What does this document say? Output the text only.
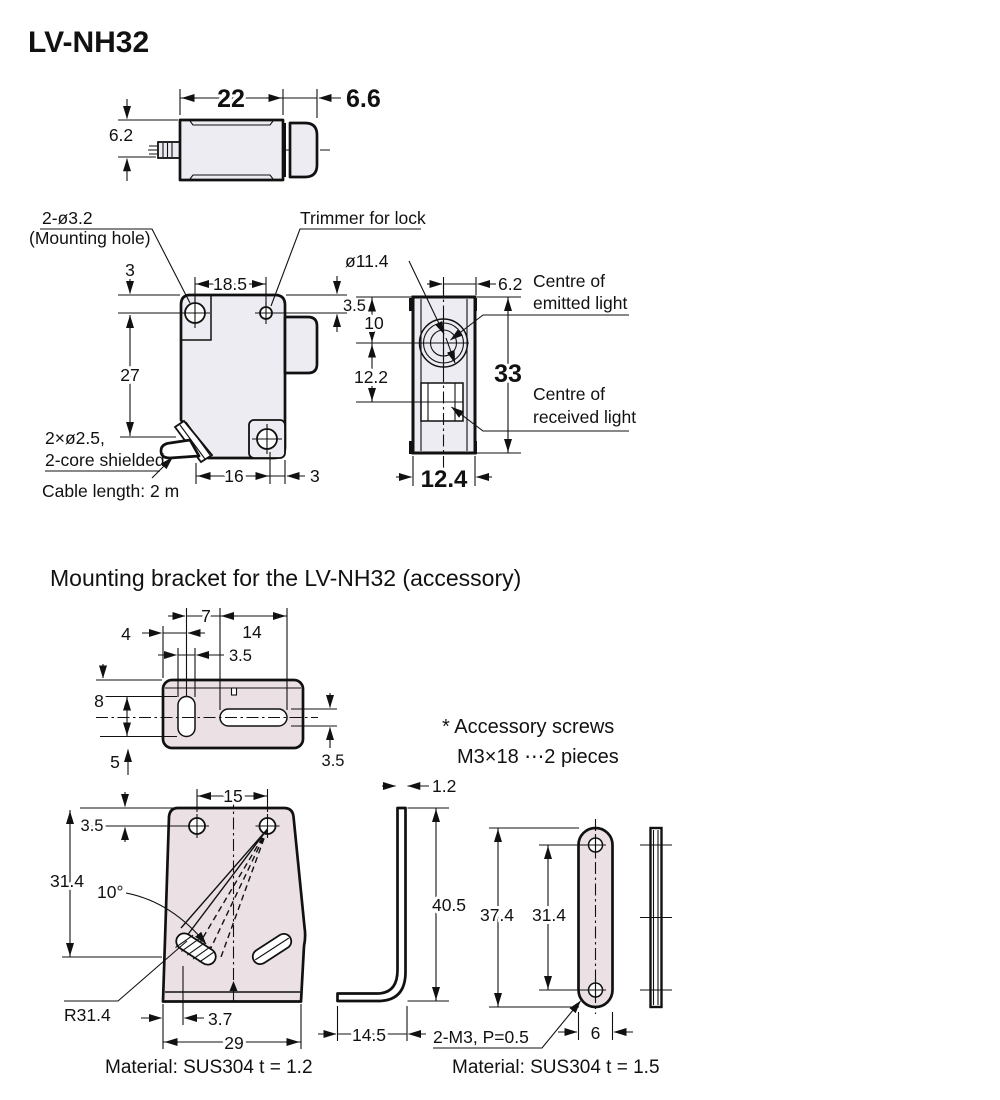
LV-NH32
22	6.6
6.2
3
18.5
27
3.5
16	3
2-ø3.2
(Mounting hole)
Trimmer for lock
2×ø2.5,
2-core shielded
Cable length: 2 m
ø11.4
10
12.2
6.2
33
Centre of
emitted light
Centre of
received light
12.4
Mounting bracket for the LV-NH32 (accessory)
7
14
4
3.5
8
5	3.5
15
3.5
31.4
10°
R31.4	3.7
29
Material: SUS304 t = 1.2
1.2
40.5
14.5
* Accessory screws
M3×18 ⋯2 pieces
37.4 31.4
2-M3, P=0.5	6
Material: SUS304 t = 1.5
